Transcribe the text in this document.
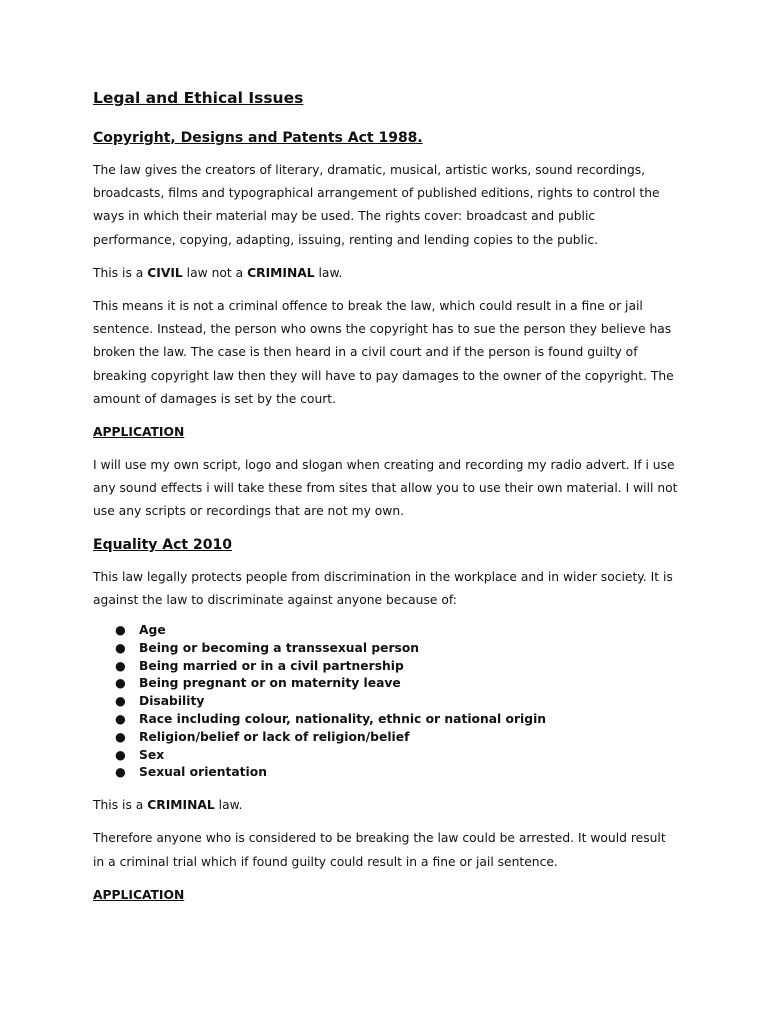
Legal and Ethical Issues
Copyright, Designs and Patents Act 1988.

The law gives the creators of literary, dramatic, musical, artistic works, sound recordings, broadcasts, films and typographical arrangement of published editions, rights to control the ways in which their material may be used. The rights cover: broadcast and public performance, copying, adapting, issuing, renting and lending copies to the public.

This is a CIVIL law not a CRIMINAL law.

This means it is not a criminal offence to break the law, which could result in a fine or jail sentence. Instead, the person who owns the copyright has to sue the person they believe has broken the law. The case is then heard in a civil court and if the person is found guilty of breaking copyright law then they will have to pay damages to the owner of the copyright. The amount of damages is set by the court.

APPLICATION

I will use my own script, logo and slogan when creating and recording my radio advert. If i use any sound effects i will take these from sites that allow you to use their own material. I will not use any scripts or recordings that are not my own.

Equality Act 2010

This law legally protects people from discrimination in the workplace and in wider society. It is against the law to discriminate against anyone because of:

● Age
● Being or becoming a transsexual person
● Being married or in a civil partnership
● Being pregnant or on maternity leave
● Disability
● Race including colour, nationality, ethnic or national origin
● Religion/belief or lack of religion/belief
● Sex
● Sexual orientation

This is a CRIMINAL law.

Therefore anyone who is considered to be breaking the law could be arrested. It would result in a criminal trial which if found guilty could result in a fine or jail sentence.

APPLICATION
